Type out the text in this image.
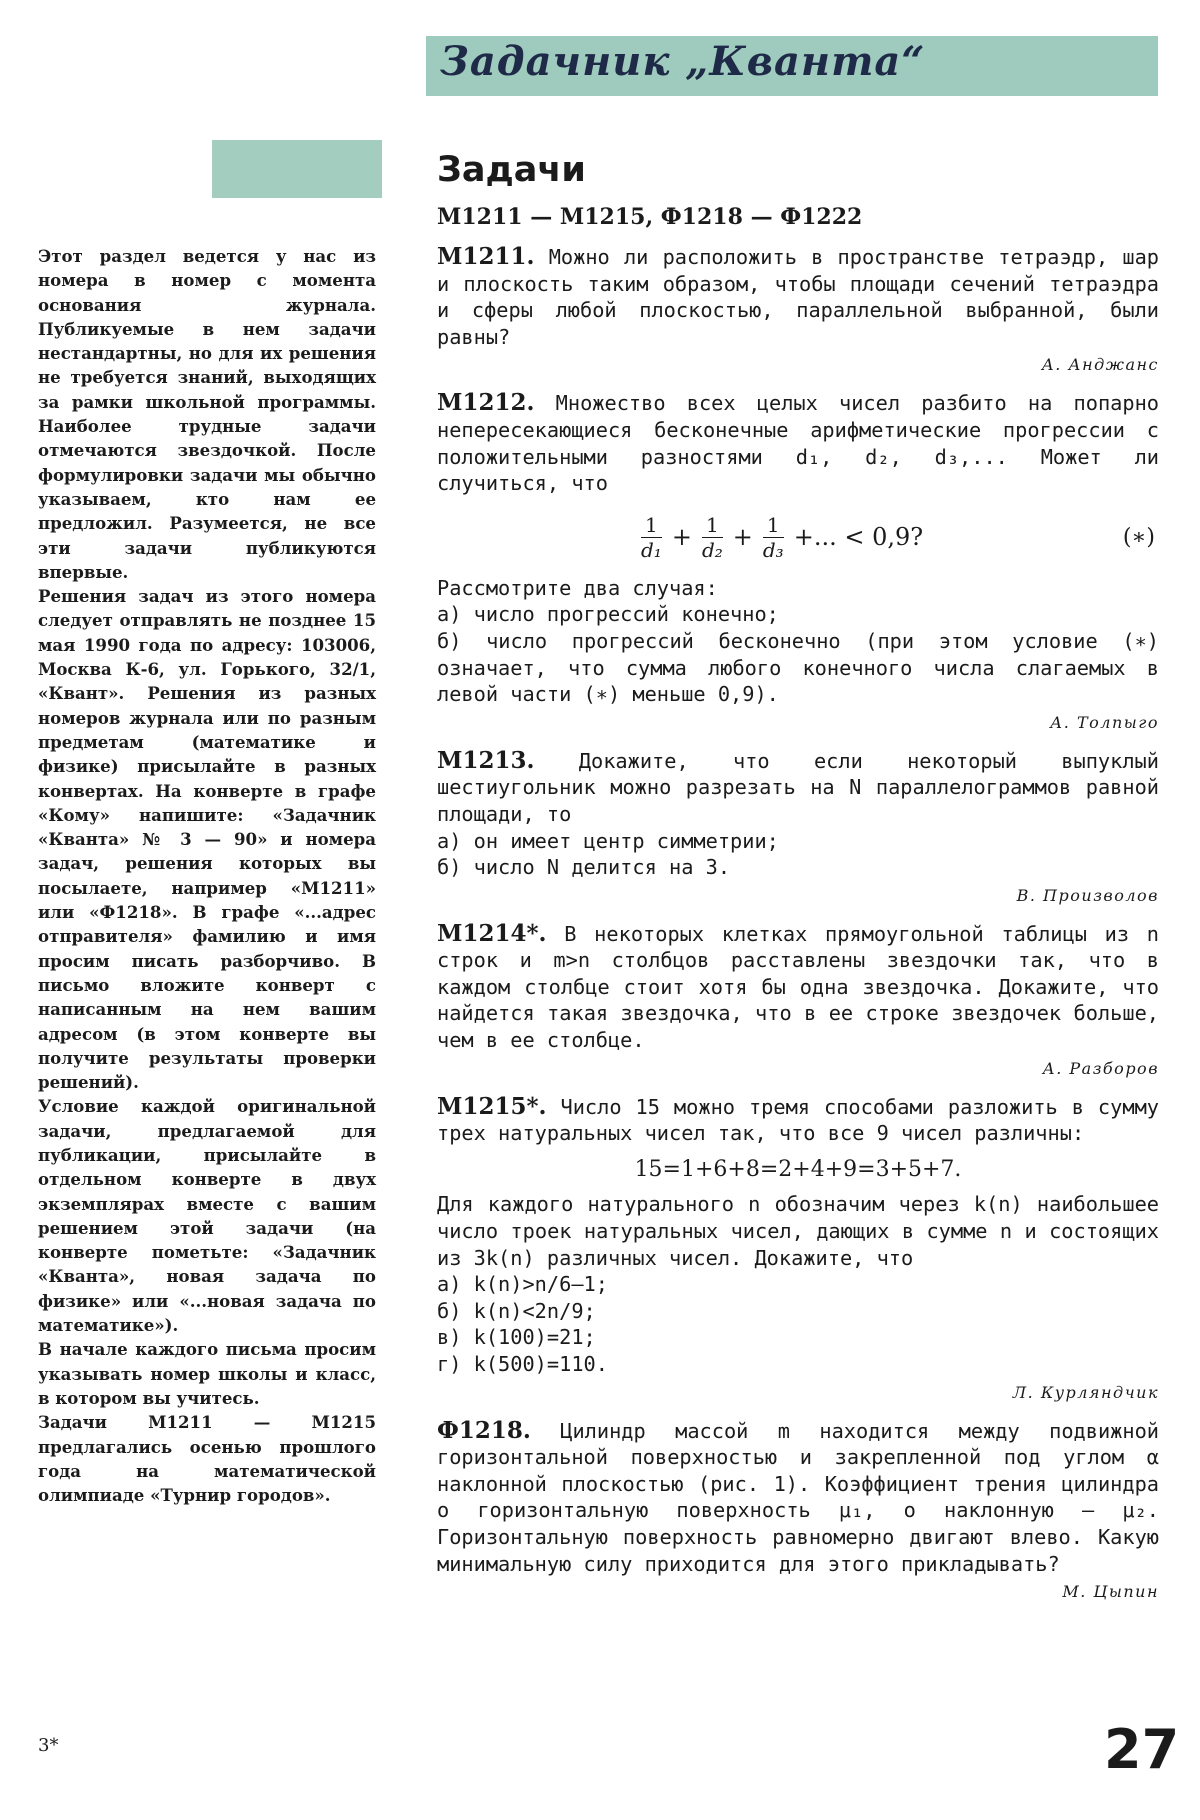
Задачник „Кванта“

Этот раздел ведется у нас из номера в номер с момента основания журнала. Публикуемые в нем задачи нестандартны, но для их решения не требуется знаний, выходящих за рамки школьной программы. Наиболее трудные задачи отмечаются звездочкой. После формулировки задачи мы обычно указываем, кто нам ее предложил. Разумеется, не все эти задачи публикуются впервые.

Решения задач из этого номера следует отправлять не позднее 15 мая 1990 года по адресу: 103006, Москва К-6, ул. Горького, 32/1, «Квант». Решения из разных номеров журнала или по разным предметам (математике и физике) присылайте в разных конвертах. На конверте в графе «Кому» напишите: «Задачник «Кванта» № 3 — 90» и номера задач, решения которых вы посылаете, например «М1211» или «Ф1218». В графе «...адрес отправителя» фамилию и имя просим писать разборчиво. В письмо вложите конверт с написанным на нем вашим адресом (в этом конверте вы получите результаты проверки решений).

Условие каждой оригинальной задачи, предлагаемой для публикации, присылайте в отдельном конверте в двух экземплярах вместе с вашим решением этой задачи (на конверте пометьте: «Задачник «Кванта», новая задача по физике» или «...новая задача по математике»).

В начале каждого письма просим указывать номер школы и класс, в котором вы учитесь.

Задачи М1211 — М1215 предлагались осенью прошлого года на математической олимпиаде «Турнир городов».

Задачи
М1211 — М1215, Ф1218 — Ф1222

М1211. Можно ли расположить в пространстве тетраэдр, шар и плоскость таким образом, чтобы площади сечений тетраэдра и сферы любой плоскостью, параллельной выбранной, были равны?

А. Анджанс

М1212. Множество всех целых чисел разбито на попарно непересекающиеся бесконечные арифметические прогрессии с положительными разностями d₁, d₂, d₃,... Может ли случиться, что

$\frac{1}{\text{d₁}} + \frac{1}{\text{d₂}} + \frac{1}{\text{d₃}}$ +... < 0,9?	(∗)

Рассмотрите два случая:

а) число прогрессий конечно;

б) число прогрессий бесконечно (при этом условие (∗) означает, что сумма любого конечного числа слагаемых в левой части (∗) меньше 0,9).

А. Толпыго

М1213. Докажите, что если некоторый выпуклый шестиугольник можно разрезать на N параллелограммов равной площади, то

а) он имеет центр симметрии;

б) число N делится на 3.

В. Произволов

М1214*. В некоторых клетках прямоугольной таблицы из n строк и m>n столбцов расставлены звездочки так, что в каждом столбце стоит хотя бы одна звездочка. Докажите, что найдется такая звездочка, что в ее строке звездочек больше, чем в ее столбце.

А. Разборов

М1215*. Число 15 можно тремя способами разложить в сумму трех натуральных чисел так, что все 9 чисел различны:

15=1+6+8=2+4+9=3+5+7.

Для каждого натурального n обозначим через k(n) наибольшее число троек натуральных чисел, дающих в сумме n и состоящих из 3k(n) различных чисел. Докажите, что

а) k(n)>n/6—1;

б) k(n)<2n/9;

в) k(100)=21;

г) k(500)=110.

Л. Курляндчик

Ф1218. Цилиндр массой m находится между подвижной горизонтальной поверхностью и закрепленной под углом α наклонной плоскостью (рис. 1). Коэффициент трения цилиндра о горизонтальную поверхность μ₁, о наклонную — μ₂. Горизонтальную поверхность равномерно двигают влево. Какую минимальную силу приходится для этого прикладывать?

М. Цыпин
3*	27
